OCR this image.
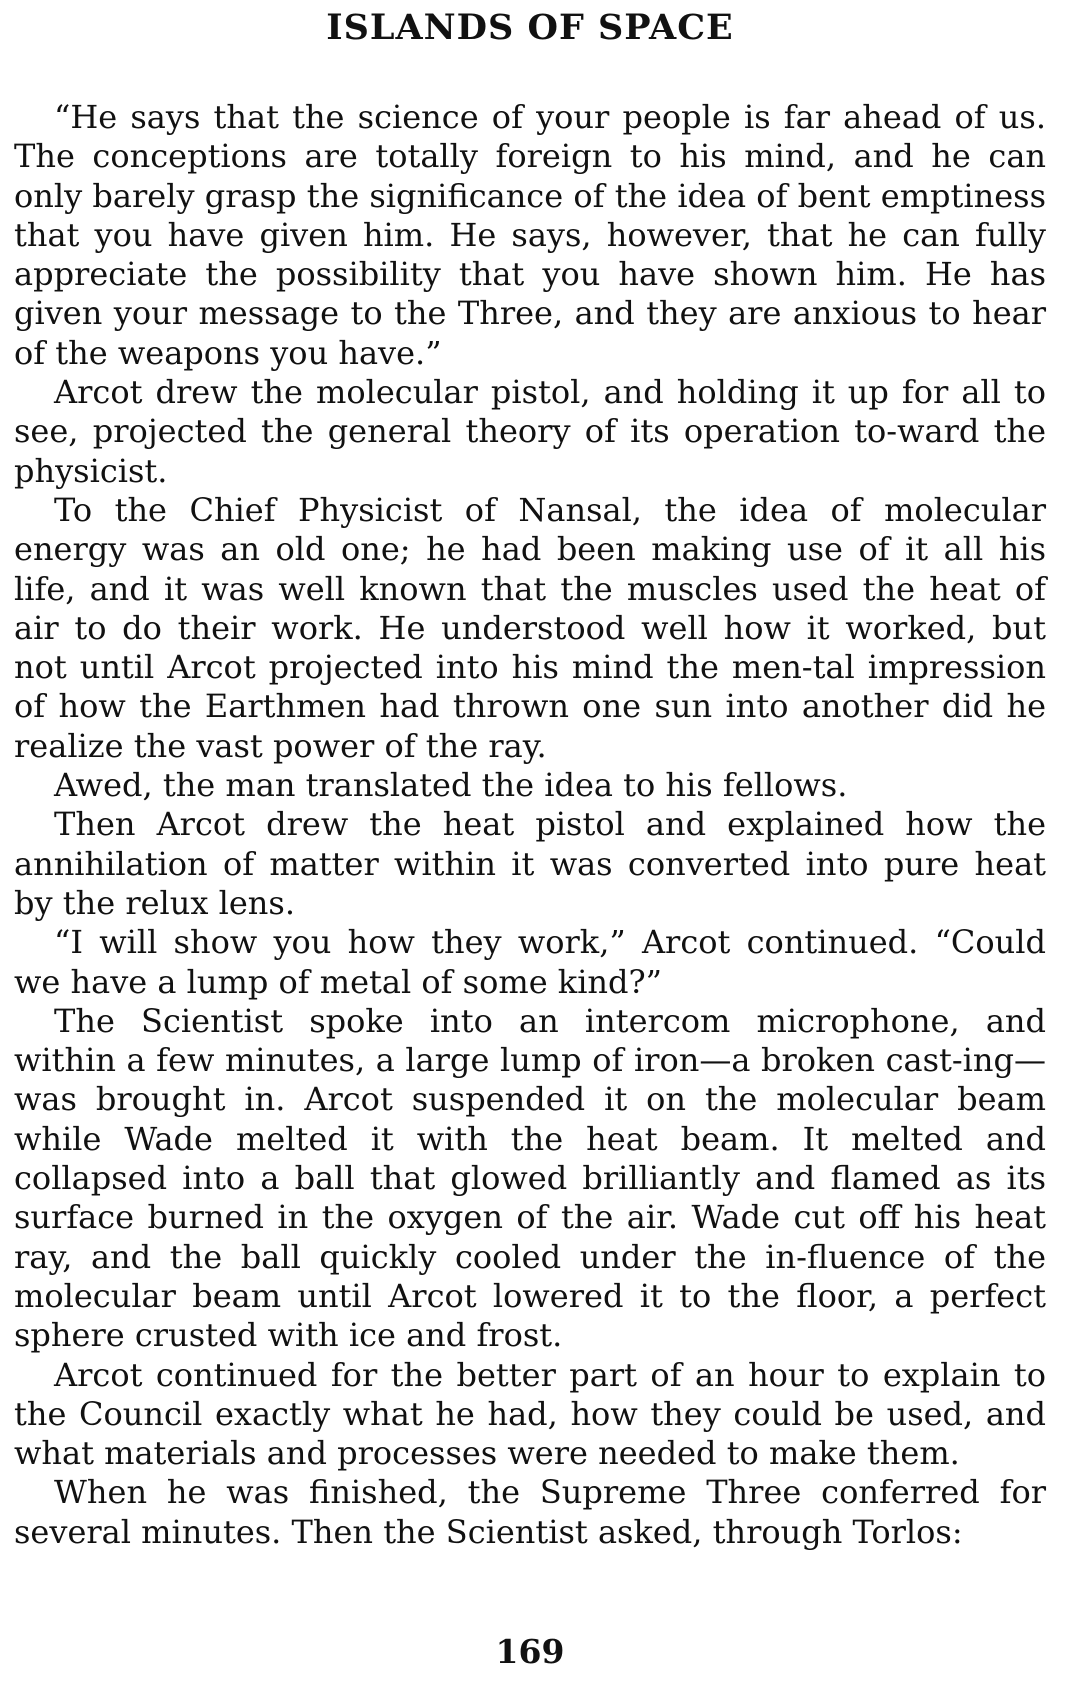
ISLANDS OF SPACE

“He says that the science of your people is far ahead of us. The conceptions are totally foreign to his mind, and he can only barely grasp the significance of the idea of bent emptiness that you have given him. He says, however, that he can fully appreciate the possibility that you have shown him. He has given your message to the Three, and they are anxious to hear of the weapons you have.”

Arcot drew the molecular pistol, and holding it up for all to see, projected the general theory of its operation to-ward the physicist.

To the Chief Physicist of Nansal, the idea of molecular energy was an old one; he had been making use of it all his life, and it was well known that the muscles used the heat of air to do their work. He understood well how it worked, but not until Arcot projected into his mind the men-tal impression of how the Earthmen had thrown one sun into another did he realize the vast power of the ray.

Awed, the man translated the idea to his fellows.

Then Arcot drew the heat pistol and explained how the annihilation of matter within it was converted into pure heat by the relux lens.

“I will show you how they work,” Arcot continued. “Could we have a lump of metal of some kind?”

The Scientist spoke into an intercom microphone, and within a few minutes, a large lump of iron—a broken cast-ing—was brought in. Arcot suspended it on the molecular beam while Wade melted it with the heat beam. It melted and collapsed into a ball that glowed brilliantly and flamed as its surface burned in the oxygen of the air. Wade cut off his heat ray, and the ball quickly cooled under the in-fluence of the molecular beam until Arcot lowered it to the floor, a perfect sphere crusted with ice and frost.

Arcot continued for the better part of an hour to explain to the Council exactly what he had, how they could be used, and what materials and processes were needed to make them.

When he was finished, the Supreme Three conferred for several minutes. Then the Scientist asked, through Torlos:

169
